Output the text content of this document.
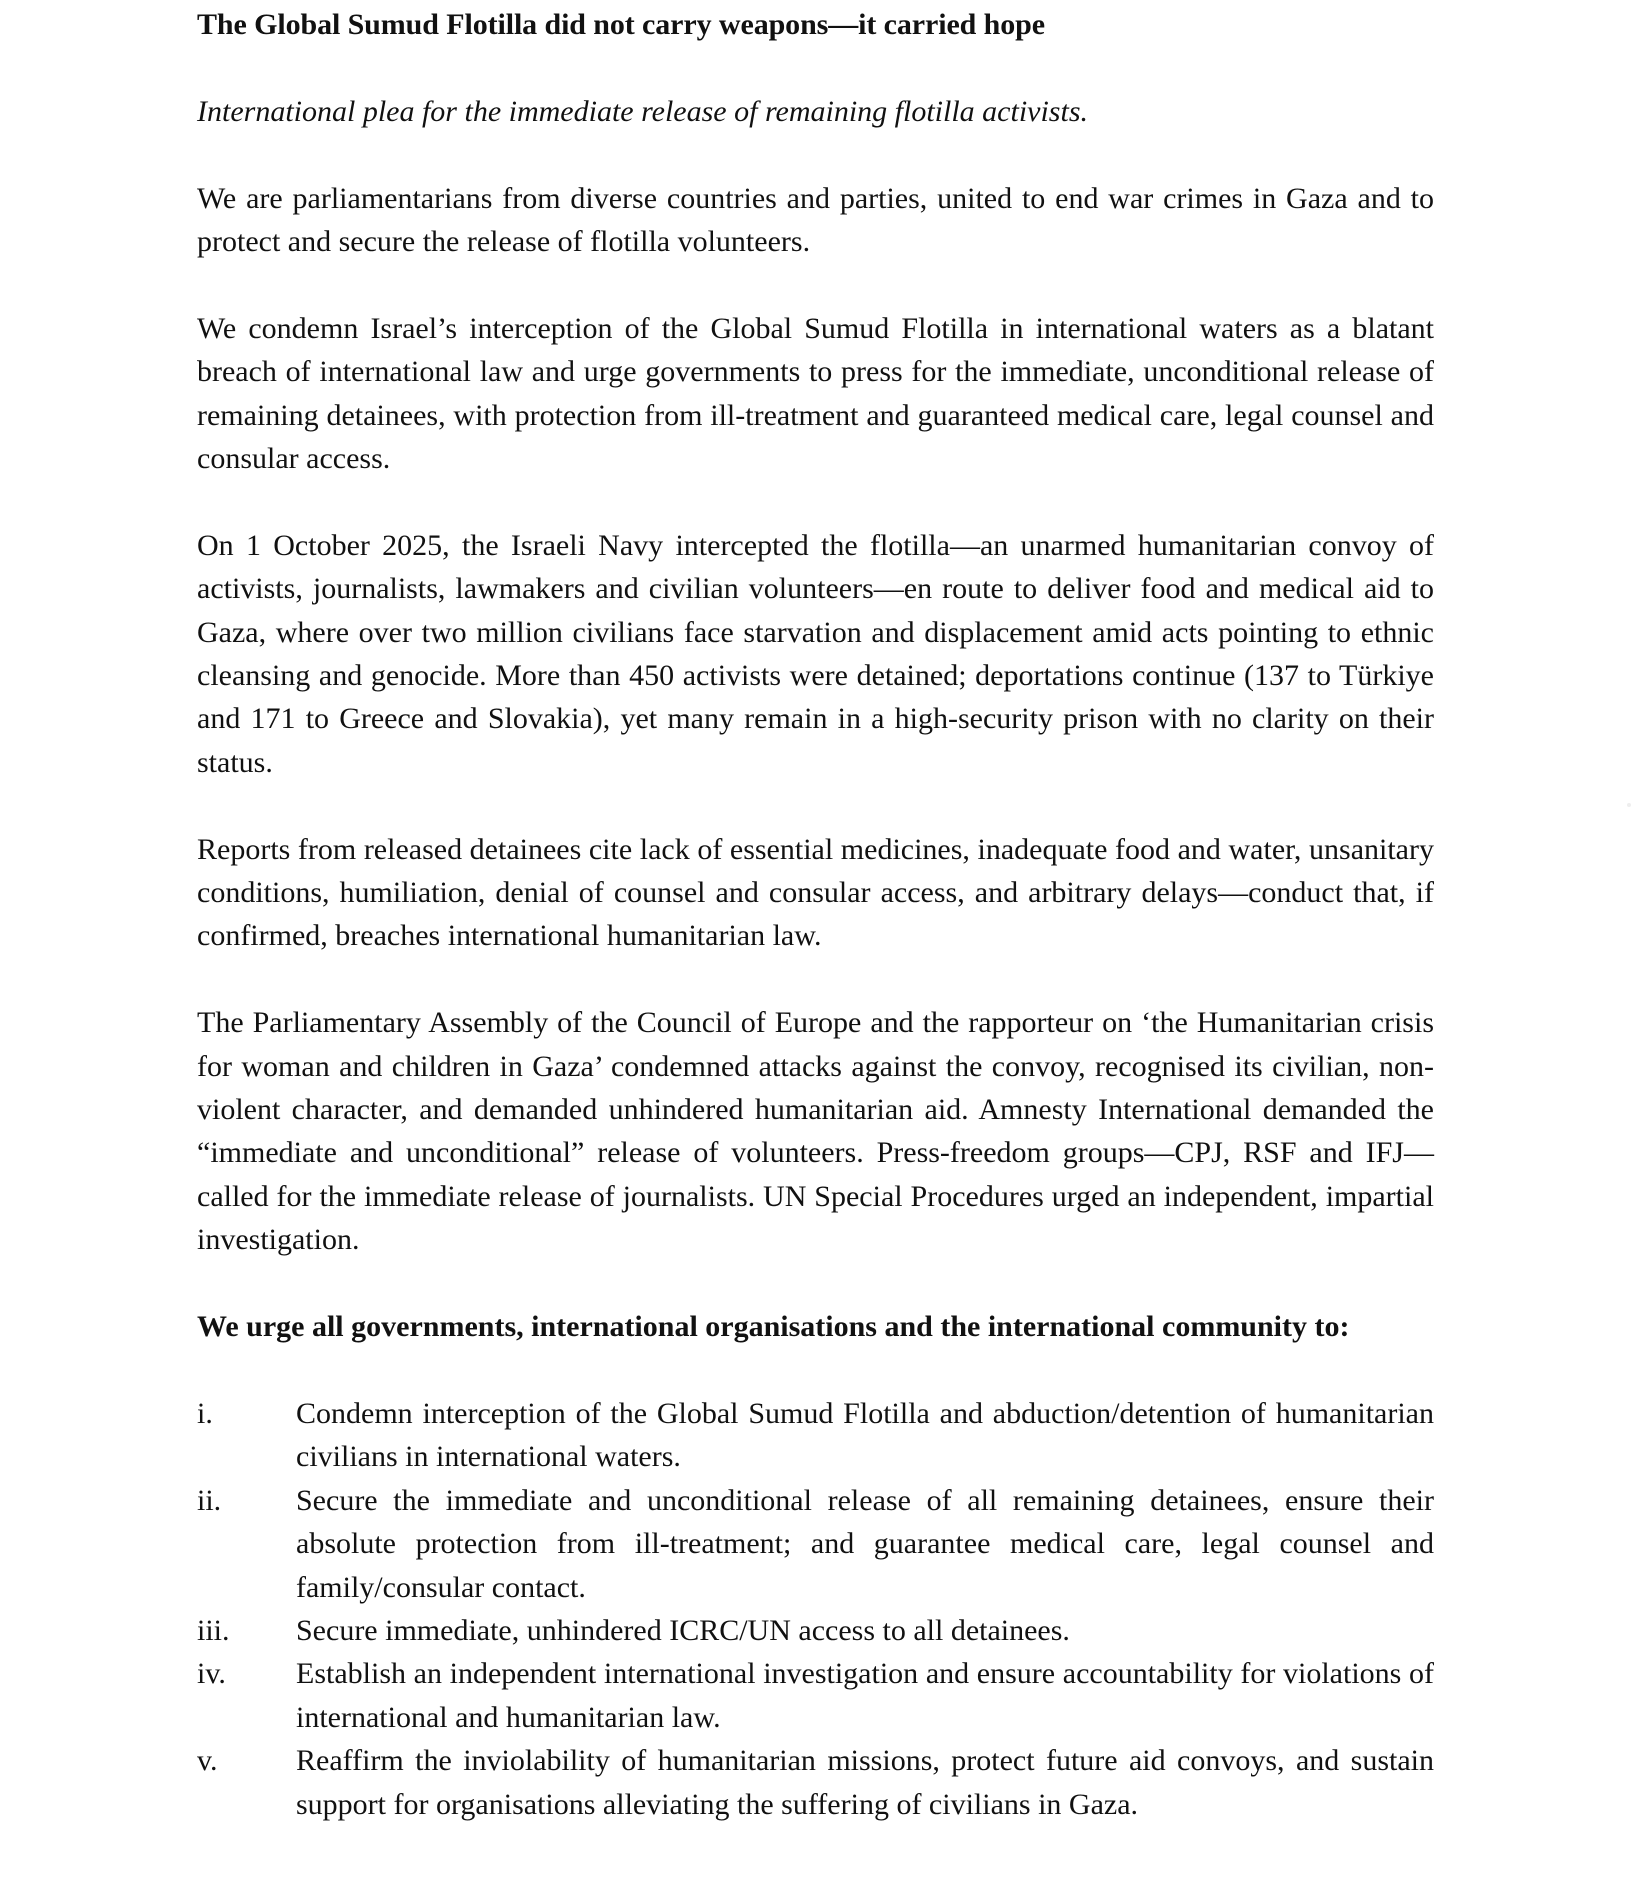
The Global Sumud Flotilla did not carry weapons—it carried hope
International plea for the immediate release of remaining flotilla activists.

We are parliamentarians from diverse countries and parties, united to end war crimes in Gaza and to protect and secure the release of flotilla volunteers.

We condemn Israel’s interception of the Global Sumud Flotilla in international waters as a blatant breach of international law and urge governments to press for the immediate, unconditional release of remaining detainees, with protection from ill-treatment and guaranteed medical care, legal counsel and consular access.

On 1 October 2025, the Israeli Navy intercepted the flotilla—an unarmed humanitarian convoy of activists, journalists, lawmakers and civilian volunteers—en route to deliver food and medical aid to Gaza, where over two million civilians face starvation and displacement amid acts pointing to ethnic cleansing and genocide. More than 450 activists were detained; deportations continue (137 to Türkiye and 171 to Greece and Slovakia), yet many remain in a high-security prison with no clarity on their status.

Reports from released detainees cite lack of essential medicines, inadequate food and water, unsanitary conditions, humiliation, denial of counsel and consular access, and arbitrary delays—conduct that, if confirmed, breaches international humanitarian law.

The Parliamentary Assembly of the Council of Europe and the rapporteur on ‘the Humanitarian crisis for woman and children in Gaza’ condemned attacks against the convoy, recognised its civilian, non-violent character, and demanded unhindered humanitarian aid. Amnesty International demanded the “immediate and unconditional” release of volunteers. Press-freedom groups—CPJ, RSF and IFJ—called for the immediate release of journalists. UN Special Procedures urged an independent, impartial investigation.

We urge all governments, international organisations and the international community to:
i.	Condemn interception of the Global Sumud Flotilla and abduction/detention of humanitarian civilians in international waters.
ii.	Secure the immediate and unconditional release of all remaining detainees, ensure their absolute protection from ill-treatment; and guarantee medical care, legal counsel and family/consular contact.
iii.	Secure immediate, unhindered ICRC/UN access to all detainees.
iv.	Establish an independent international investigation and ensure accountability for violations of international and humanitarian law.
v.	Reaffirm the inviolability of humanitarian missions, protect future aid convoys, and sustain support for organisations alleviating the suffering of civilians in Gaza.
